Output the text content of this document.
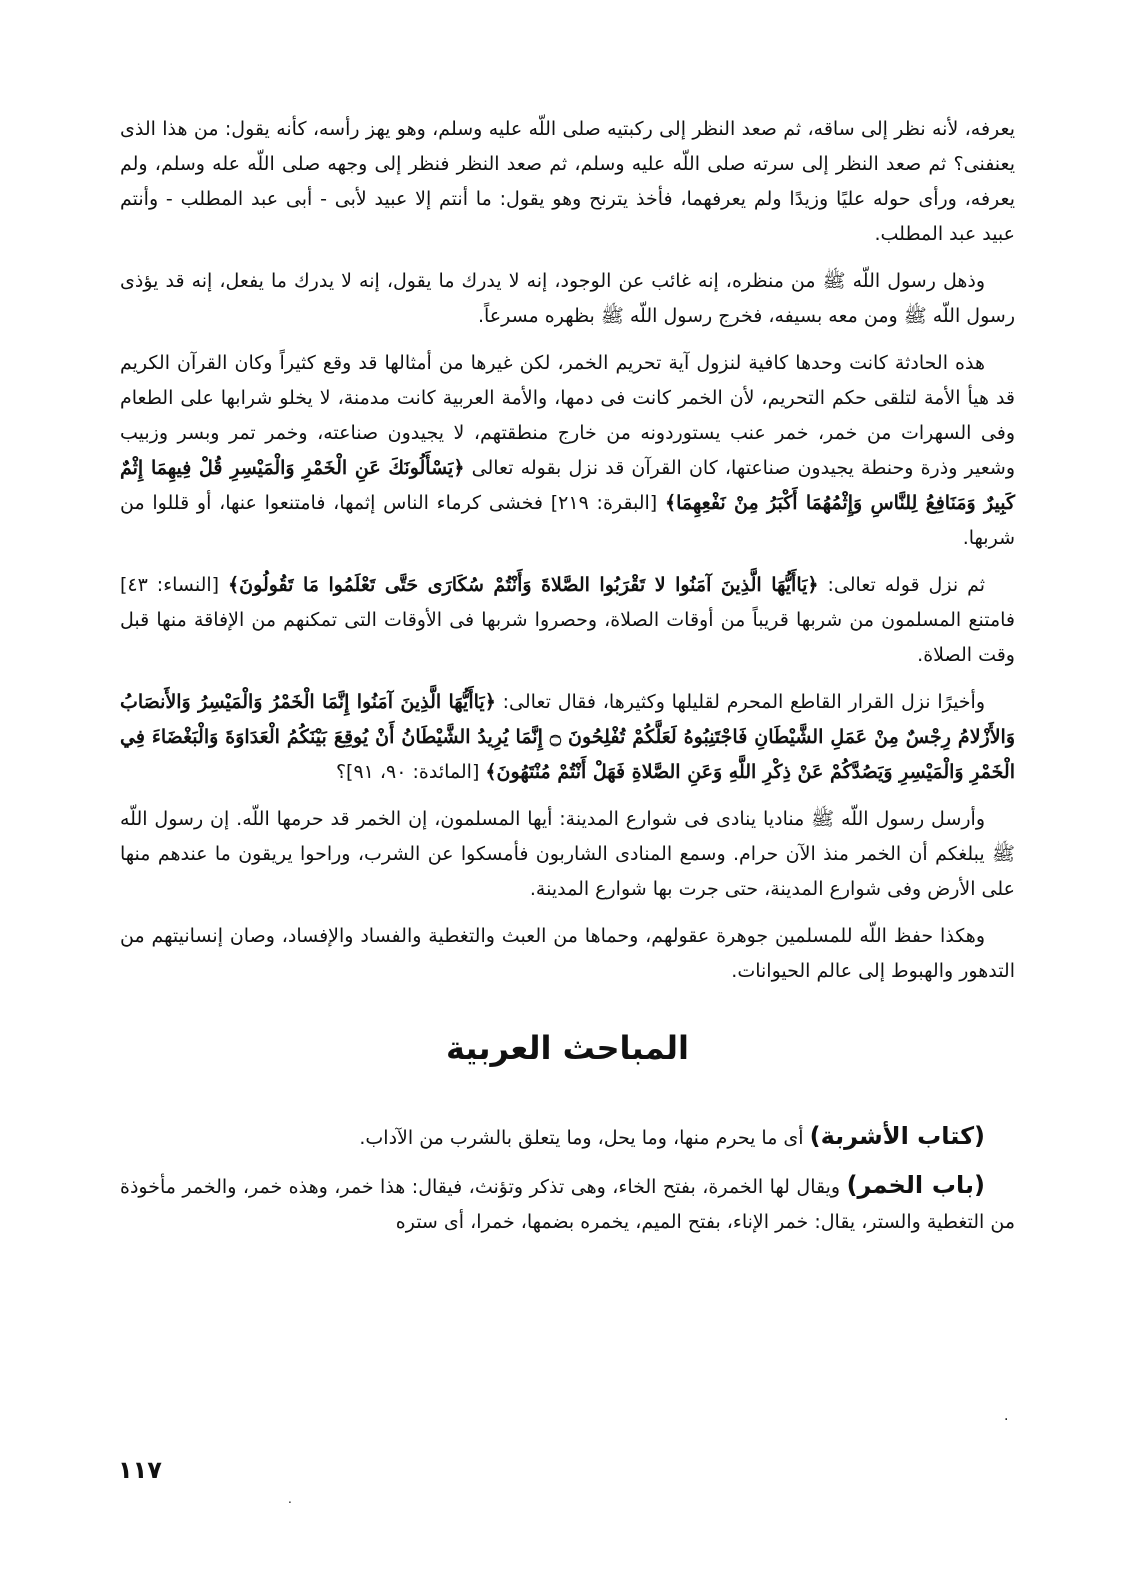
يعرفه، لأنه نظر إلى ساقه، ثم صعد النظر إلى ركبتيه صلى اللّه عليه وسلم، وهو يهز رأسه، كأنه يقول: من هذا الذى يعنفنى؟ ثم صعد النظر إلى سرته صلى اللّه عليه وسلم، ثم صعد النظر فنظر إلى وجهه صلى اللّه عله وسلم، ولم يعرفه، ورأى حوله عليًا وزيدًا ولم يعرفهما، فأخذ يترنح وهو يقول: ما أنتم إلا عبيد لأبى - أبى عبد المطلب - وأنتم عبيد عبد المطلب.

وذهل رسول اللّه ﷺ من منظره، إنه غائب عن الوجود، إنه لا يدرك ما يقول، إنه لا يدرك ما يفعل، إنه قد يؤذى رسول اللّه ﷺ ومن معه بسيفه، فخرج رسول اللّه ﷺ بظهره مسرعاً.

هذه الحادثة كانت وحدها كافية لنزول آية تحريم الخمر، لكن غيرها من أمثالها قد وقع كثيراً وكان القرآن الكريم قد هيأ الأمة لتلقى حكم التحريم، لأن الخمر كانت فى دمها، والأمة العربية كانت مدمنة، لا يخلو شرابها على الطعام وفى السهرات من خمر، خمر عنب يستوردونه من خارج منطقتهم، لا يجيدون صناعته، وخمر تمر وبسر وزبيب وشعير وذرة وحنطة يجيدون صناعتها، كان القرآن قد نزل بقوله تعالى ﴿يَسْأَلُونَكَ عَنِ الْخَمْرِ وَالْمَيْسِرِ قُلْ فِيهِمَا إِثْمٌ كَبِيرٌ وَمَنَافِعُ لِلنَّاسِ وَإِثْمُهُمَا أَكْبَرُ مِنْ نَفْعِهِمَا﴾ [البقرة: ٢١٩] فخشى كرماء الناس إثمها، فامتنعوا عنها، أو قللوا من شربها.

ثم نزل قوله تعالى: ﴿يَاأَيُّهَا الَّذِينَ آمَنُوا لا تَقْرَبُوا الصَّلاةَ وَأَنْتُمْ سُكَارَى حَتَّى تَعْلَمُوا مَا تَقُولُونَ﴾ [النساء: ٤٣] فامتنع المسلمون من شربها قريباً من أوقات الصلاة، وحصروا شربها فى الأوقات التى تمكنهم من الإفاقة منها قبل وقت الصلاة.

وأخيرًا نزل القرار القاطع المحرم لقليلها وكثيرها، فقال تعالى: ﴿يَاأَيُّهَا الَّذِينَ آمَنُوا إِنَّمَا الْخَمْرُ وَالْمَيْسِرُ وَالأَنصَابُ وَالأَزْلامُ رِجْسٌ مِنْ عَمَلِ الشَّيْطَانِ فَاجْتَنِبُوهُ لَعَلَّكُمْ تُفْلِحُونَ ۝ إِنَّمَا يُرِيدُ الشَّيْطَانُ أَنْ يُوقِعَ بَيْنَكُمُ الْعَدَاوَةَ وَالْبَغْضَاءَ فِي الْخَمْرِ وَالْمَيْسِرِ وَيَصُدَّكُمْ عَنْ ذِكْرِ اللَّهِ وَعَنِ الصَّلاةِ فَهَلْ أَنْتُمْ مُنْتَهُونَ﴾ [المائدة: ٩٠، ٩١]؟

وأرسل رسول اللّه ﷺ مناديا ينادى فى شوارع المدينة: أيها المسلمون، إن الخمر قد حرمها اللّه. إن رسول اللّه ﷺ يبلغكم أن الخمر منذ الآن حرام. وسمع المنادى الشاربون فأمسكوا عن الشرب، وراحوا يريقون ما عندهم منها على الأرض وفى شوارع المدينة، حتى جرت بها شوارع المدينة.

وهكذا حفظ اللّه للمسلمين جوهرة عقولهم، وحماها من العبث والتغطية والفساد والإفساد، وصان إنسانيتهم من التدهور والهبوط إلى عالم الحيوانات.

المباحث العربية

(كتاب الأشربة) أى ما يحرم منها، وما يحل، وما يتعلق بالشرب من الآداب.

(باب الخمر) ويقال لها الخمرة، بفتح الخاء، وهى تذكر وتؤنث، فيقال: هذا خمر، وهذه خمر، والخمر مأخوذة من التغطية والستر، يقال: خمر الإناء، بفتح الميم، يخمره بضمها، خمرا، أى ستره

·
.
١١٧
